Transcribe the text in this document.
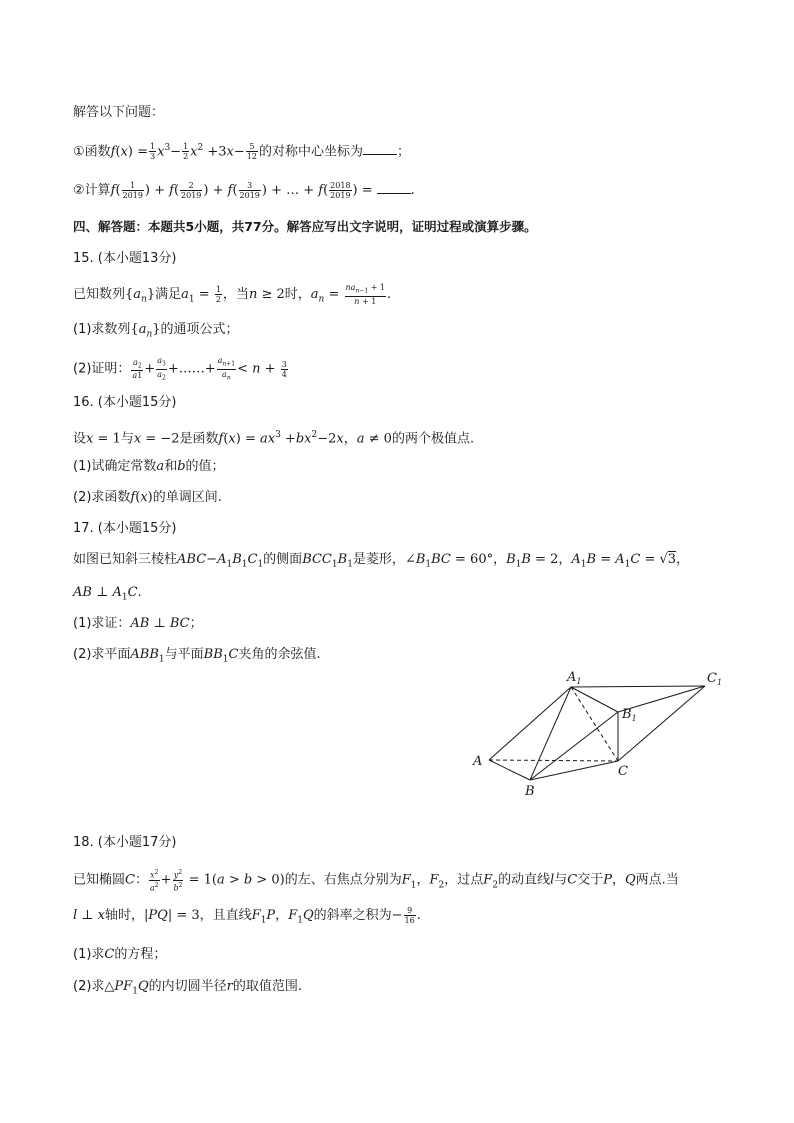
解答以下问题：
①函数$f(x) = \frac{1}{3} x^3- \frac{1}{2} x^2 +3x- \frac{5}{12}$ 的对称中心坐标为	；
②计算$f( \frac{1}{2019}$ ) + $f( \frac{2}{2019}$ ) + $f( \frac{3}{2019}$ ) + … + $f( \frac{2018}{2019}$ ) =	.
四、解答题：本题共5小题，共77分。解答应写出文字说明，证明过程或演算步骤。
15. (本小题13分)
已知数列$\{a_n\}$满足$a_1 = \frac{1}{2}$ ，当n ≥ 2时，$a_n = \frac{na_{n-1} + 1}{n + 1}$ .
(1)求数列$\{a_n\}$的通项公式；
(2)证明： $\frac{a_2}{a1} + \frac{a_3}{a_2}$ +……+ $\frac{a_{n+1}}{a_n} < n + \frac{3}{4}$
16. (本小题15分)
设x = 1与x = −2是函数$f(x) = ax^3 +bx^2-2x$，a ≠ 0的两个极值点.
(1)试确定常数a和b的值；
(2)求函数f(x)的单调区间.
17. (本小题15分)
如图已知斜三棱柱$ABC-A_1B_1C_1$的侧面$BCC_1B_1$是菱形，$\angle B_1BC = 60^\circ$，$B_1B = 2$，$A_1B = A_1C = √3$，
AB ⊥ $A_1C$.
(1)求证：AB ⊥ BC；
(2)求平面$ABB_1$与平面$BB_1C$夹角的余弦值.
$A_1$	$C_1$
$B_1$
A
B
C
18. (本小题17分)
已知椭圆C： $\frac{x^2}{a^2} + \frac{y^2}{b^2} = 1(a > b > 0)$的左、右焦点分别为$F_1$，$F_2$，过点$F_2$的动直线l与C交于P，Q两点.当
l ⊥ x轴时，|PQ| = 3，且直线$F_1P$，$F_1Q$的斜率之积为− $\frac{9}{16}$ .
(1)求C的方程；
(2)求$\triangle PF_1Q$的内切圆半径r的取值范围.
